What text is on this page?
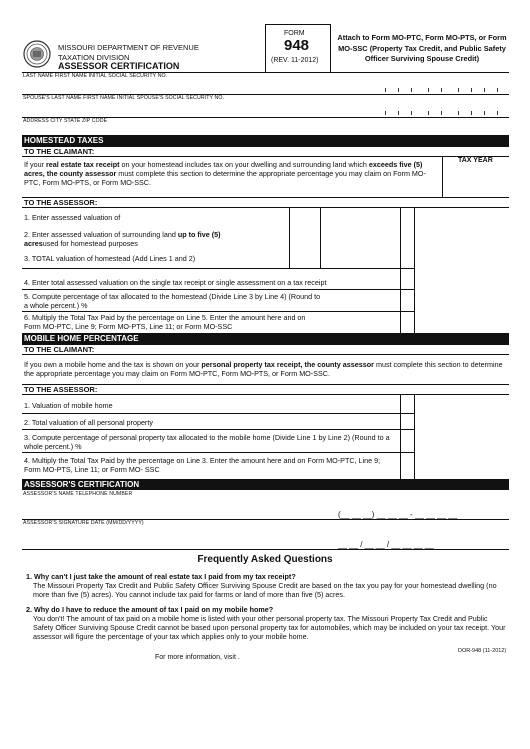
MISSOURI DEPARTMENT OF REVENUE
TAXATION DIVISION
ASSESSOR CERTIFICATION
FORM
948
(REV. 11-2012)
Attach to Form MO-PTC, Form MO-PTS, or Form MO-SSC (Property Tax Credit, and Public Safety Officer Surviving Spouse Credit)
LAST NAME FIRST NAME INITIAL SOCIAL SECURITY NO.
SPOUSE'S LAST NAME FIRST NAME INITIAL SPOUSE'S SOCIAL SECURITY NO.
ADDRESS CITY STATE ZIP CODE
HOMESTEAD TAXES
TO THE CLAIMANT:
If your real estate tax receipt on your homestead includes tax on your dwelling and surrounding land which exceeds five (5) acres, the county assessor must complete this section to determine the appropriate percentage you may claim on Form MO-PTC, Form MO-PTS, or Form MO-SSC.
TAX YEAR
TO THE ASSESSOR:
1. Enter assessed valuation of
2. Enter assessed valuation of surrounding land up to five (5) acresused for homestead purposes
3. TOTAL valuation of homestead (Add Lines 1 and 2)
4. Enter total assessed valuation on the single tax receipt or single assessment on a tax receipt
5. Compute percentage of tax allocated to the homestead (Divide Line 3 by Line 4) (Round to a whole percent.) %
6. Multiply the Total Tax Paid by the percentage on Line 5. Enter the amount here and on Form MO-PTC, Line 9; Form MO-PTS, Line 11; or Form MO-SSC
MOBILE HOME PERCENTAGE
TO THE CLAIMANT:
If you own a mobile home and the tax is shown on your personal property tax receipt, the county assessor must complete this section to determine the appropriate percentage you may claim on Form MO-PTC, Form MO-PTS, or Form MO-SSC.
TO THE ASSESSOR:
1. Valuation of mobile home
2. Total valuation of all personal property
3. Compute percentage of personal property tax allocated to the mobile home (Divide Line 1 by Line 2) (Round to a whole percent.) %
4. Multiply the Total Tax Paid by the percentage on Line 3. Enter the amount here and on Form MO-PTC, Line 9; Form MO-PTS, Line 11; or Form MO- SSC
ASSESSOR'S CERTIFICATION
ASSESSOR'S NAME TELEPHONE NUMBER
(__ __ __) __ __ __ - __ __ __ __
ASSESSOR'S SIGNATURE DATE (MM/DD/YYYY)
__ __ / __ __ / __ __ __ __
Frequently Asked Questions
1. Why can't I just take the amount of real estate tax I paid from my tax receipt?
The Missouri Property Tax Credit and Public Safety Officer Surviving Spouse Credit are based on the tax you pay for your homestead dwelling (no more than five (5) acres). You cannot include tax paid for farms or land of more than five (5) acres.
2. Why do I have to reduce the amount of tax I paid on my mobile home?
You don't! The amount of tax paid on a mobile home is listed with your other personal property tax. The Missouri Property Tax Credit and Public Safety Officer Surviving Spouse Credit cannot be based upon personal property tax for automobiles, which may be included on your tax receipt. Your assessor will figure the percentage of your tax which applies only to your mobile home.
For more information, visit .
DOR-948 (11-2012)
